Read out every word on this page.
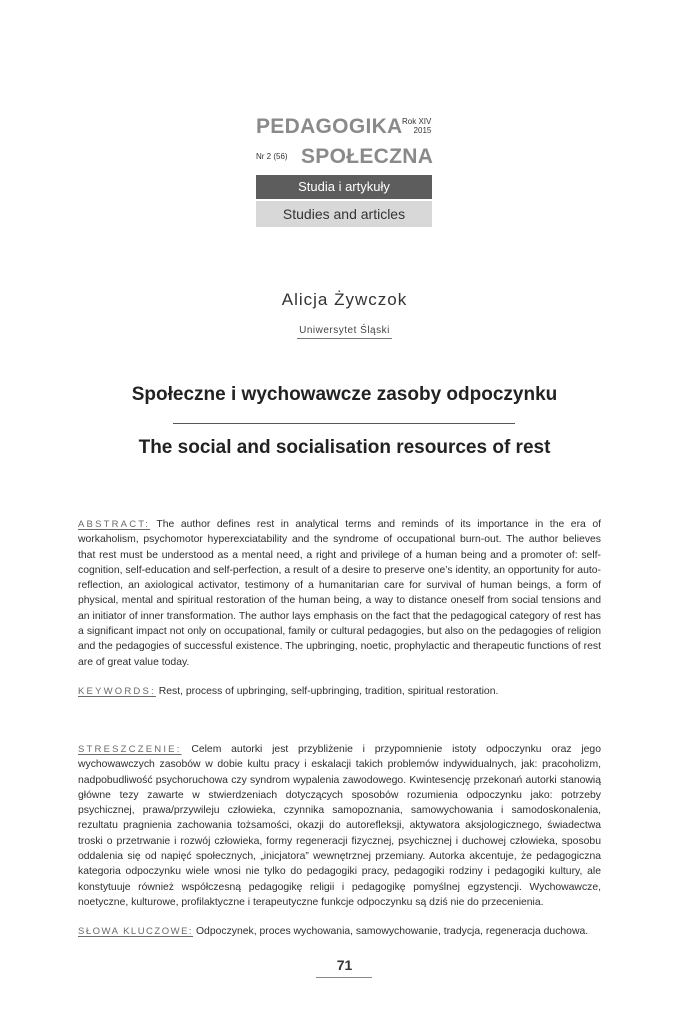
PEDAGOGIKA Rok XIV
2015
Nr 2 (56) SPOŁECZNA
Studia i artykuły
Studies and articles
Alicja Żywczok
Uniwersytet Śląski
Społeczne i wychowawcze zasoby odpoczynku
The social and socialisation resources of rest
ABSTRACT: The author defines rest in analytical terms and reminds of its importance in the era of workaholism, psychomotor hyperexciatability and the syndrome of occupational burn-out. The author believes that rest must be understood as a mental need, a right and privilege of a human being and a promoter of: self-cognition, self-education and self-perfection, a result of a desire to preserve one’s identity, an opportunity for auto-reflection, an axiological activator, testimony of a humanitarian care for survival of human beings, a form of physical, mental and spiritual restoration of the human being, a way to distance oneself from social tensions and an initiator of inner transformation. The author lays emphasis on the fact that the pedagogical category of rest has a significant impact not only on occupational, family or cultural pedagogies, but also on the pedagogies of religion and the pedagogies of successful existence. The upbringing, noetic, prophylactic and therapeutic functions of rest are of great value today.
KEYWORDS: Rest, process of upbringing, self-upbringing, tradition, spiritual restoration.
STRESZCZENIE: Celem autorki jest przybliżenie i przypomnienie istoty odpoczynku oraz jego wychowawczych zasobów w dobie kultu pracy i eskalacji takich problemów indywidualnych, jak: pracoholizm, nadpobudliwość psychoruchowa czy syndrom wypalenia zawodowego. Kwintesencję przekonań autorki stanowią główne tezy zawarte w stwierdzeniach dotyczących sposobów rozumienia odpoczynku jako: potrzeby psychicznej, prawa/przywileju człowieka, czynnika samopoznania, samowychowania i samodoskonalenia, rezultatu pragnienia zachowania tożsamości, okazji do autorefleksji, aktywatora aksjologicznego, świadectwa troski o przetrwanie i rozwój człowieka, formy regeneracji fizycznej, psychicznej i duchowej człowieka, sposobu oddalenia się od napięć społecznych, „inicjatora” wewnętrznej przemiany. Autorka akcentuje, że pedagogiczna kategoria odpoczynku wiele wnosi nie tylko do pedagogiki pracy, pedagogiki rodziny i pedagogiki kultury, ale konstytuuje również współczesną pedagogikę religii i pedagogikę pomyślnej egzystencji. Wychowawcze, noetyczne, kulturowe, profilaktyczne i terapeutyczne funkcje odpoczynku są dziś nie do przecenienia.
SŁOWA KLUCZOWE: Odpoczynek, proces wychowania, samowychowanie, tradycja, regeneracja duchowa.
71
